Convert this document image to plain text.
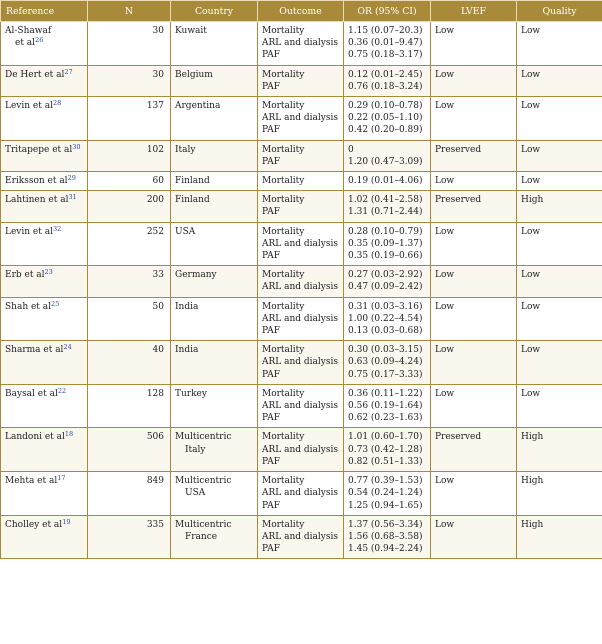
Reference	N	Country	Outcome	OR (95% CI)	LVEF	Quality

Al-Shawaf
et $al^{26}$	30	Kuwait	Mortality
ARL and dialysis
PAF	1.15 (0.07–20.3)
0.36 (0.01–9.47)
0.75 (0.18–3.17)	Low	Low

De Hert et $al^{27}$	30	Belgium	Mortality
PAF	0.12 (0.01–2.45)
0.76 (0.18–3.24)	Low	Low

Levin et $al^{28}$	137	Argentina	Mortality
ARL and dialysis
PAF	0.29 (0.10–0.78)
0.22 (0.05–1.10)
0.42 (0.20–0.89)	Low	Low

Tritapepe et $al^{30}$	102	Italy	Mortality
PAF	0
1.20 (0.47–3.09)	Preserved	Low

Eriksson et $al^{29}$	60	Finland	Mortality	0.19 (0.01–4.06)	Low	Low

Lahtinen et $al^{31}$	200	Finland	Mortality
PAF	1.02 (0.41–2.58)
1.31 (0.71–2.44)	Preserved	High

Levin et $al^{32}$	252	USA	Mortality
ARL and dialysis
PAF	0.28 (0.10–0.79)
0.35 (0.09–1.37)
0.35 (0.19–0.66)	Low	Low

Erb et $al^{23}$	33	Germany	Mortality
ARL and dialysis	0.27 (0.03–2.92)
0.47 (0.09–2.42)	Low	Low

Shah et $al^{25}$	50	India	Mortality
ARL and dialysis
PAF	0.31 (0.03–3.16)
1.00 (0.22–4.54)
0.13 (0.03–0.68)	Low	Low

Sharma et $al^{24}$	40	India	Mortality
ARL and dialysis
PAF	0.30 (0.03–3.15)
0.63 (0.09–4.24)
0.75 (0.17–3.33)	Low	Low

Baysal et $al^{22}$	128	Turkey	Mortality
ARL and dialysis
PAF	0.36 (0.11–1.22)
0.56 (0.19–1.64)
0.62 (0.23–1.63)	Low	Low

Landoni et $al^{18}$	506	Multicentric
Italy	Mortality
ARL and dialysis
PAF	1.01 (0.60–1.70)
0.73 (0.42–1.28)
0.82 (0.51–1.33)	Preserved	High

Mehta et $al^{17}$	849	Multicentric
USA	Mortality
ARL and dialysis
PAF	0.77 (0.39–1.53)
0.54 (0.24–1.24)
1.25 (0.94–1.65)	Low	High

Cholley et $al^{19}$	335	Multicentric
France	Mortality
ARL and dialysis
PAF	1.37 (0.56–3.34)
1.56 (0.68–3.58)
1.45 (0.94–2.24)	Low	High
